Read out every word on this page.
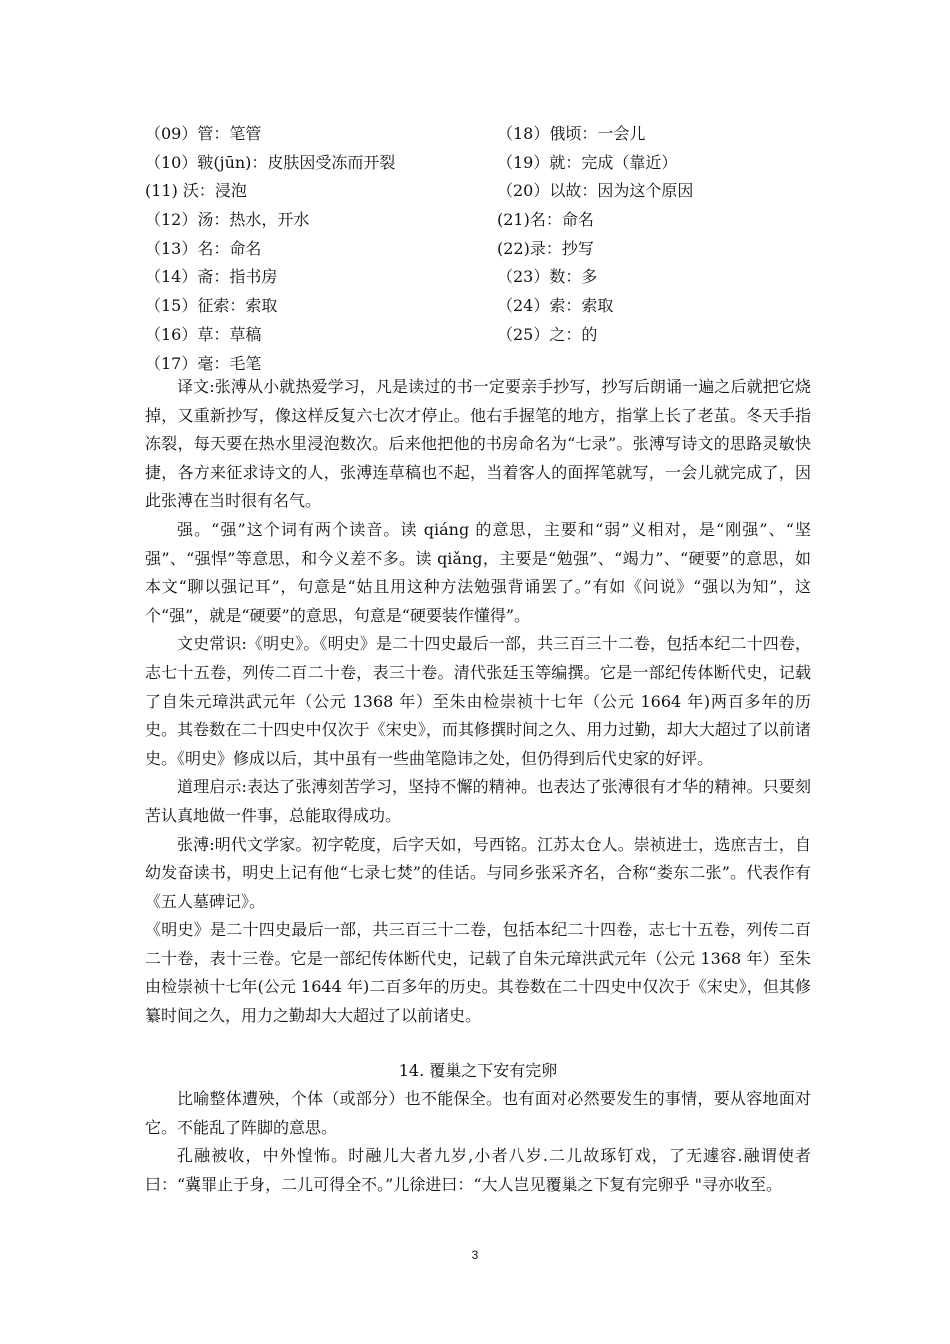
（09）管：笔管	（18）俄顷：一会儿
（10）皲(jūn)：皮肤因受冻而开裂	（19）就：完成（靠近）
(11) 沃：浸泡	（20）以故：因为这个原因
（12）汤：热水，开水	(21)名：命名
（13）名：命名	(22)录：抄写
（14）斋：指书房	（23）数：多
（15）征索：索取	（24）索：索取
（16）草：草稿	（25）之：的
（17）毫：毛笔

译文:张溥从小就热爱学习，凡是读过的书一定要亲手抄写，抄写后朗诵一遍之后就把它烧掉，又重新抄写，像这样反复六七次才停止。他右手握笔的地方，指掌上长了老茧。冬天手指冻裂，每天要在热水里浸泡数次。后来他把他的书房命名为“七录”。张溥写诗文的思路灵敏快捷，各方来征求诗文的人，张溥连草稿也不起，当着客人的面挥笔就写，一会儿就完成了，因此张溥在当时很有名气。

强。“强”这个词有两个读音。读 qiáng 的意思，主要和“弱”义相对，是“刚强”、“坚强”、“强悍”等意思，和今义差不多。读 qiǎng，主要是“勉强”、“竭力”、“硬要”的意思，如本文“聊以强记耳”，句意是“姑且用这种方法勉强背诵罢了。”有如《问说》“强以为知”，这个“强”，就是“硬要”的意思，句意是“硬要装作懂得”。

文史常识:《明史》。《明史》是二十四史最后一部，共三百三十二卷，包括本纪二十四卷，志七十五卷，列传二百二十卷，表三十卷。清代张廷玉等编撰。它是一部纪传体断代史，记载了自朱元璋洪武元年（公元 1368 年）至朱由检崇祯十七年（公元 1664 年)两百多年的历史。其卷数在二十四史中仅次于《宋史》，而其修撰时间之久、用力过勤，却大大超过了以前诸史。《明史》修成以后，其中虽有一些曲笔隐讳之处，但仍得到后代史家的好评。

道理启示:表达了张溥刻苦学习，坚持不懈的精神。也表达了张溥很有才华的精神。只要刻苦认真地做一件事，总能取得成功。

张溥:明代文学家。初字乾度，后字天如，号西铭。江苏太仓人。崇祯进士，选庶吉士，自幼发奋读书，明史上记有他“七录七焚”的佳话。与同乡张采齐名，合称“娄东二张”。代表作有《五人墓碑记》。

《明史》是二十四史最后一部，共三百三十二卷，包括本纪二十四卷，志七十五卷，列传二百二十卷，表十三卷。它是一部纪传体断代史，记载了自朱元璋洪武元年（公元 1368 年）至朱由检崇祯十七年(公元 1644 年)二百多年的历史。其卷数在二十四史中仅次于《宋史》，但其修纂时间之久，用力之勤却大大超过了以前诸史。

14. 覆巢之下安有完卵

比喻整体遭殃，个体（或部分）也不能保全。也有面对必然要发生的事情，要从容地面对它。不能乱了阵脚的意思。

孔融被收，中外惶怖。时融儿大者九岁,小者八岁.二儿故琢钉戏，了无遽容.融谓使者曰：“冀罪止于身，二儿可得全不。”儿徐进曰：“大人岂见覆巢之下复有完卵乎 "寻亦收至。

3
